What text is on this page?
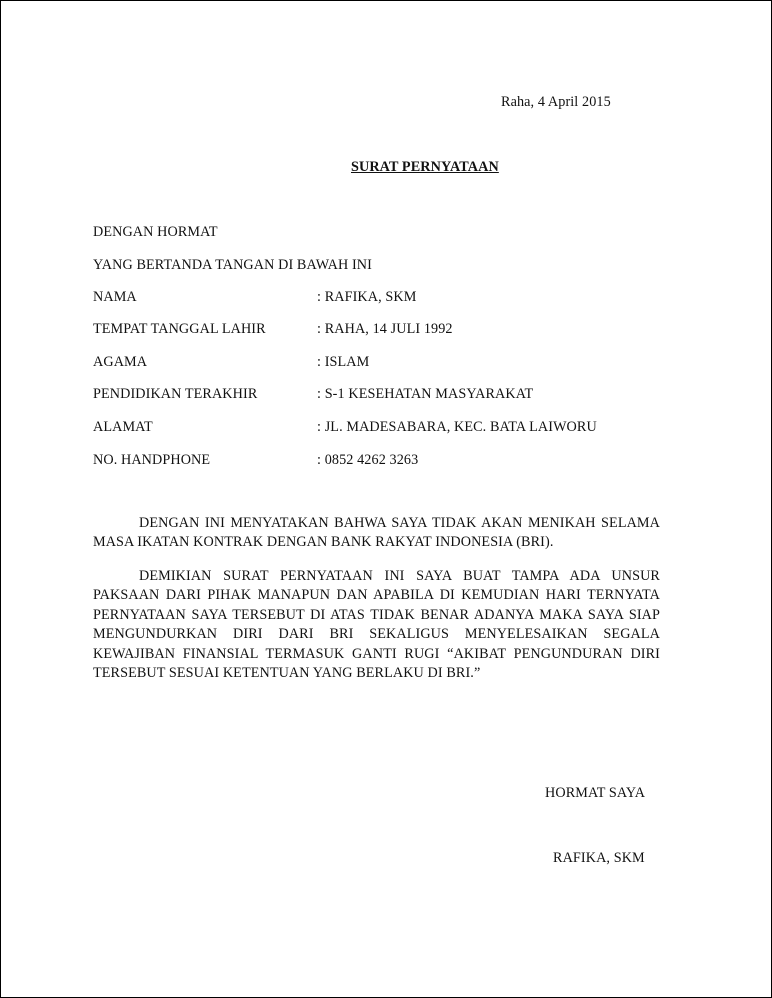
Raha, 4 April 2015
SURAT PERNYATAAN
DENGAN HORMAT
YANG BERTANDA TANGAN DI BAWAH INI
NAMA	: RAFIKA, SKM
TEMPAT TANGGAL LAHIR	: RAHA, 14 JULI 1992
AGAMA	: ISLAM
PENDIDIKAN TERAKHIR	: S-1 KESEHATAN MASYARAKAT
ALAMAT	: JL. MADESABARA, KEC. BATA LAIWORU
NO. HANDPHONE	: 0852 4262 3263
DENGAN INI MENYATAKAN BAHWA SAYA TIDAK AKAN MENIKAH SELAMA MASA IKATAN KONTRAK DENGAN BANK RAKYAT INDONESIA (BRI).
DEMIKIAN SURAT PERNYATAAN INI SAYA BUAT TAMPA ADA UNSUR PAKSAAN DARI PIHAK MANAPUN DAN APABILA DI KEMUDIAN HARI TERNYATA PERNYATAAN SAYA TERSEBUT DI ATAS TIDAK BENAR ADANYA MAKA SAYA SIAP MENGUNDURKAN DIRI DARI BRI SEKALIGUS MENYELESAIKAN SEGALA KEWAJIBAN FINANSIAL TERMASUK GANTI RUGI “AKIBAT PENGUNDURAN DIRI TERSEBUT SESUAI KETENTUAN YANG BERLAKU DI BRI.”
HORMAT SAYA
RAFIKA, SKM
